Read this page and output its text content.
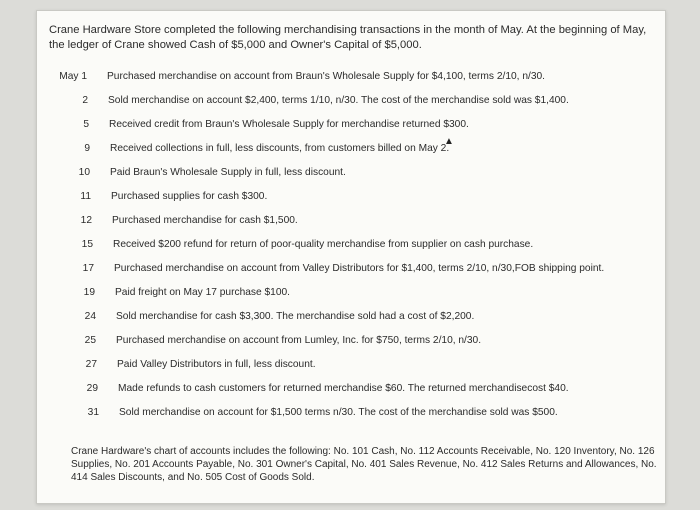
Crane Hardware Store completed the following merchandising transactions in the month of May. At the beginning of May, the ledger of Crane showed Cash of $5,000 and Owner's Capital of $5,000.

May 1 Purchased merchandise on account from Braun's Wholesale Supply for $4,100, terms 2/10, n/30.
2 Sold merchandise on account $2,400, terms 1/10, n/30. The cost of the merchandise sold was $1,400.
5 Received credit from Braun's Wholesale Supply for merchandise returned $300.
9 Received collections in full, less discounts, from customers billed on May 2.
10 Paid Braun's Wholesale Supply in full, less discount.
11 Purchased supplies for cash $300.
12 Purchased merchandise for cash $1,500.
15 Received $200 refund for return of poor-quality merchandise from supplier on cash purchase.
17 Purchased merchandise on account from Valley Distributors for $1,400, terms 2/10, n/30,FOB shipping point.
19 Paid freight on May 17 purchase $100.
24 Sold merchandise for cash $3,300. The merchandise sold had a cost of $2,200.
25 Purchased merchandise on account from Lumley, Inc. for $750, terms 2/10, n/30.
27 Paid Valley Distributors in full, less discount.
29 Made refunds to cash customers for returned merchandise $60. The returned merchandisecost $40.
31 Sold merchandise on account for $1,500 terms n/30. The cost of the merchandise sold was $500.
▲

Crane Hardware's chart of accounts includes the following: No. 101 Cash, No. 112 Accounts Receivable, No. 120 Inventory, No. 126 Supplies, No. 201 Accounts Payable, No. 301 Owner's Capital, No. 401 Sales Revenue, No. 412 Sales Returns and Allowances, No. 414 Sales Discounts, and No. 505 Cost of Goods Sold.
